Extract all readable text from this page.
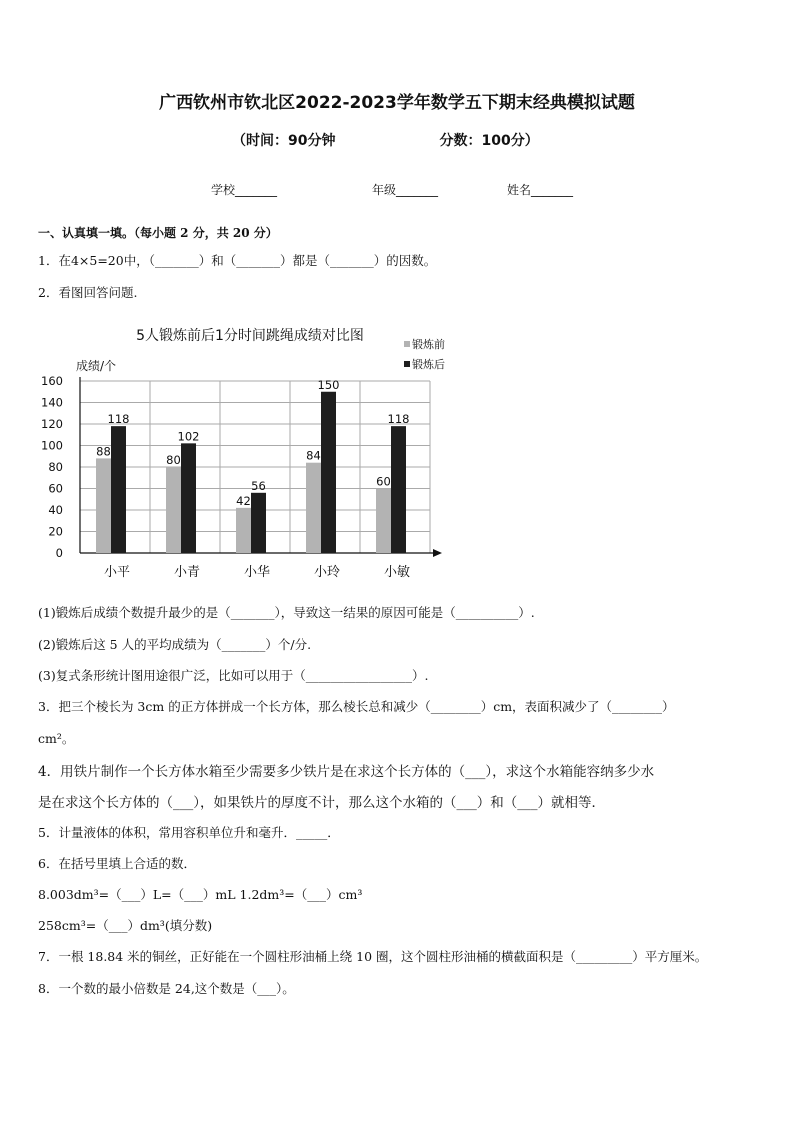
广西钦州市钦北区2022-2023学年数学五下期末经典模拟试题
（时间：90分钟	分数：100分）
学校_______	年级_______	姓名_______
一、认真填一填。（每小题 2 分，共 20 分）
1．在4×5=20中，（_______）和（_______）都是（_______）的因数。
2．看图回答问题.
5人锻炼前后1分时间跳绳成绩对比图
成绩/个
0
20
40
60
80
100
120
140
160
88
118
小平
80
102
小青
42
56
小华
84
150
小玲
60
118
小敏
锻炼前
锻炼后
(1)锻炼后成绩个数提升最少的是（_______），导致这一结果的原因可能是（__________）.
(2)锻炼后这 5 人的平均成绩为（_______）个/分.
(3)复式条形统计图用途很广泛，比如可以用于（_________________）.
3．把三个棱长为 3cm 的正方体拼成一个长方体，那么棱长总和减少（________）cm，表面积减少了（________）
cm²。
4．用铁片制作一个长方体水箱至少需要多少铁片是在求这个长方体的（___），求这个水箱能容纳多少水
是在求这个长方体的（___），如果铁片的厚度不计，那么这个水箱的（___）和（___）就相等．
5．计量液体的体积，常用容积单位升和毫升．_____．
6．在括号里填上合适的数．
8.003dm³=（___）L=（___）mL 1.2dm³=（___）cm³
258cm³=（___）dm³(填分数)
7．一根 18.84 米的铜丝，正好能在一个圆柱形油桶上绕 10 圈，这个圆柱形油桶的横截面积是（_________）平方厘米。
8．一个数的最小倍数是 24,这个数是（___）。
